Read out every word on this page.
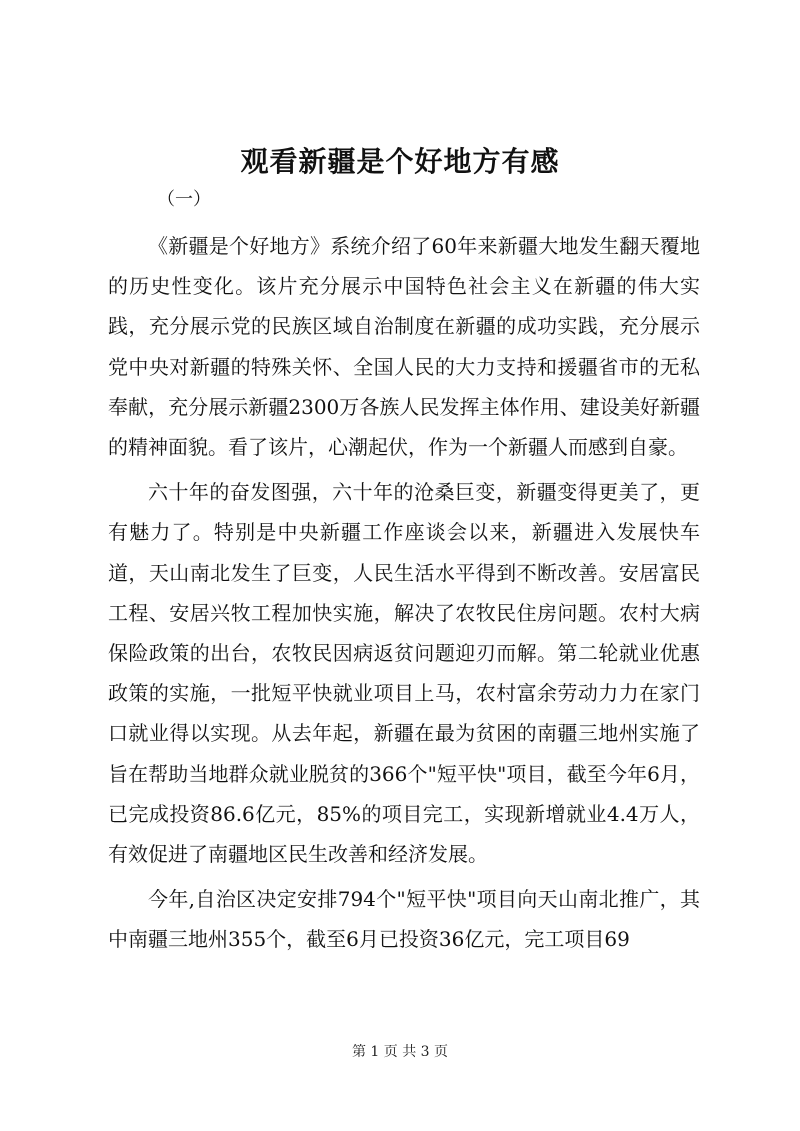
观看新疆是个好地方有感
（一）

《新疆是个好地方》系统介绍了60年来新疆大地发生翻天覆地的历史性变化。该片充分展示中国特色社会主义在新疆的伟大实践，充分展示党的民族区域自治制度在新疆的成功实践，充分展示党中央对新疆的特殊关怀、全国人民的大力支持和援疆省市的无私奉献，充分展示新疆2300万各族人民发挥主体作用、建设美好新疆的精神面貌。看了该片，心潮起伏，作为一个新疆人而感到自豪。

六十年的奋发图强，六十年的沧桑巨变，新疆变得更美了，更有魅力了。特别是中央新疆工作座谈会以来，新疆进入发展快车道，天山南北发生了巨变，人民生活水平得到不断改善。安居富民工程、安居兴牧工程加快实施，解决了农牧民住房问题。农村大病保险政策的出台，农牧民因病返贫问题迎刃而解。第二轮就业优惠政策的实施，一批短平快就业项目上马，农村富余劳动力力在家门口就业得以实现。从去年起，新疆在最为贫困的南疆三地州实施了旨在帮助当地群众就业脱贫的366个"短平快"项目，截至今年6月，已完成投资86.6亿元，85%的项目完工，实现新增就业4.4万人，有效促进了南疆地区民生改善和经济发展。

今年,自治区决定安排794个"短平快"项目向天山南北推广，其中南疆三地州355个，截至6月已投资36亿元，完工项目69

第 1 页 共 3 页
